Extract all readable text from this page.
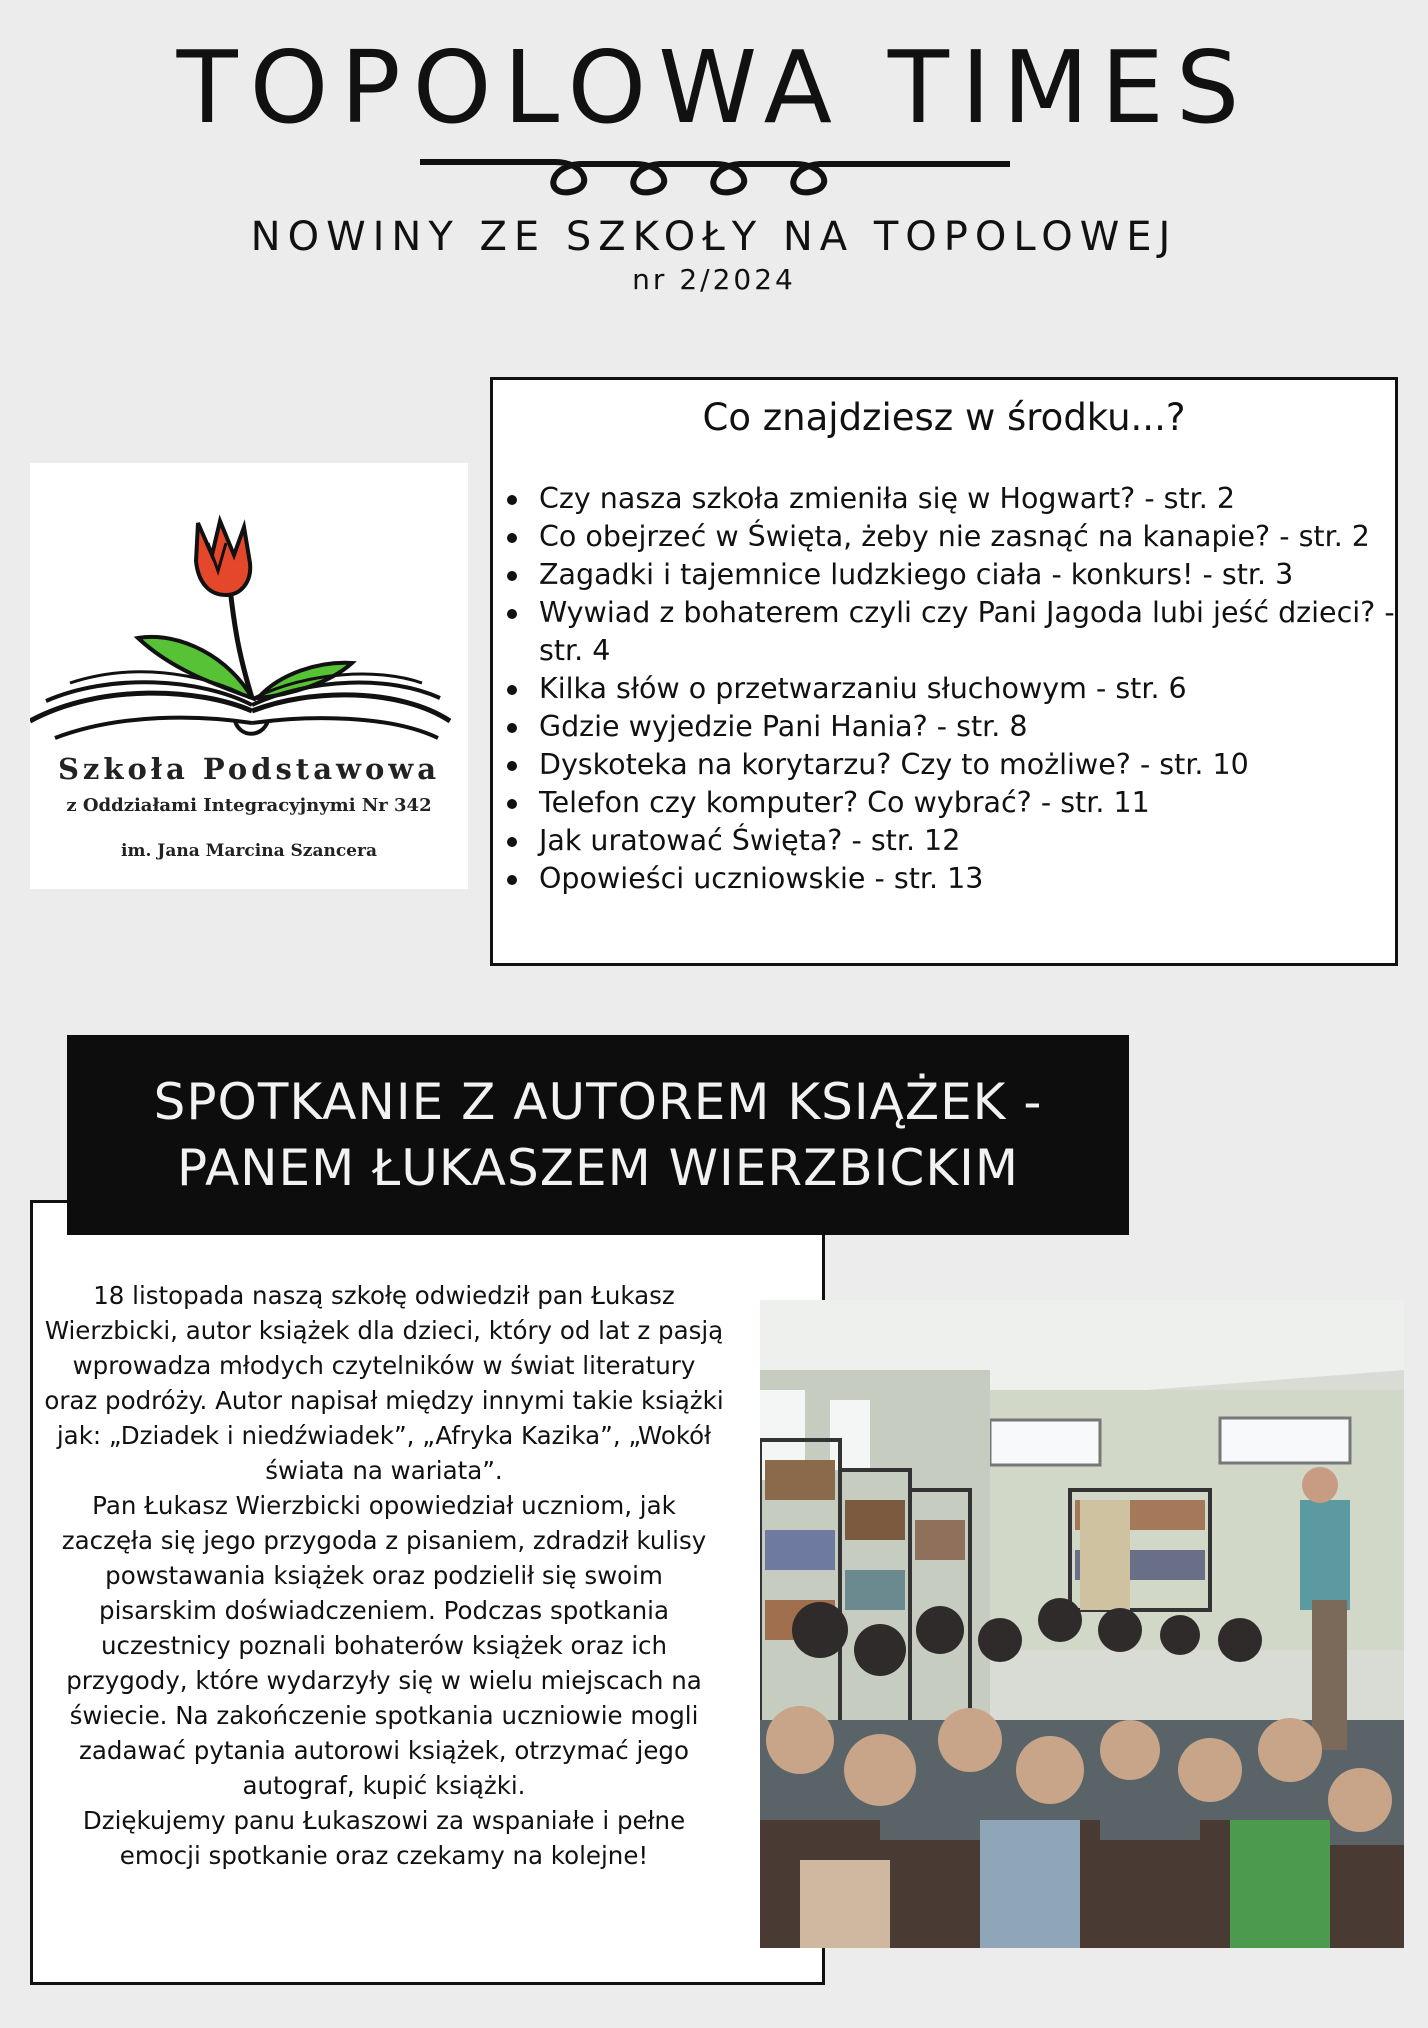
TOPOLOWA TIMES
NOWINY ZE SZKOŁY NA TOPOLOWEJ
nr 2/2024
Szkoła Podstawowa
z Oddziałami Integracyjnymi Nr 342
im. Jana Marcina Szancera
Co znajdziesz w środku...?
Czy nasza szkoła zmieniła się w Hogwart? - str. 2
Co obejrzeć w Święta, żeby nie zasnąć na kanapie? - str. 2
Zagadki i tajemnice ludzkiego ciała - konkurs! - str. 3
Wywiad z bohaterem czyli czy Pani Jagoda lubi jeść dzieci? - str. 4
Kilka słów o przetwarzaniu słuchowym - str. 6
Gdzie wyjedzie Pani Hania? - str. 8
Dyskoteka na korytarzu? Czy to możliwe? - str. 10
Telefon czy komputer? Co wybrać? - str. 11
Jak uratować Święta? - str. 12
Opowieści uczniowskie - str. 13
SPOTKANIE Z AUTOREM KSIĄŻEK -
PANEM ŁUKASZEM WIERZBICKIM

18 listopada naszą szkołę odwiedził pan Łukasz Wierzbicki, autor książek dla dzieci, który od lat z pasją wprowadza młodych czytelników w świat literatury oraz podróży. Autor napisał między innymi takie książki jak: „Dziadek i niedźwiadek”, „Afryka Kazika”, „Wokół świata na wariata”.

Pan Łukasz Wierzbicki opowiedział uczniom, jak zaczęła się jego przygoda z pisaniem, zdradził kulisy powstawania książek oraz podzielił się swoim pisarskim doświadczeniem. Podczas spotkania uczestnicy poznali bohaterów książek oraz ich przygody, które wydarzyły się w wielu miejscach na świecie. Na zakończenie spotkania uczniowie mogli zadawać pytania autorowi książek, otrzymać jego autograf, kupić książki.

Dziękujemy panu Łukaszowi za wspaniałe i pełne emocji spotkanie oraz czekamy na kolejne!
